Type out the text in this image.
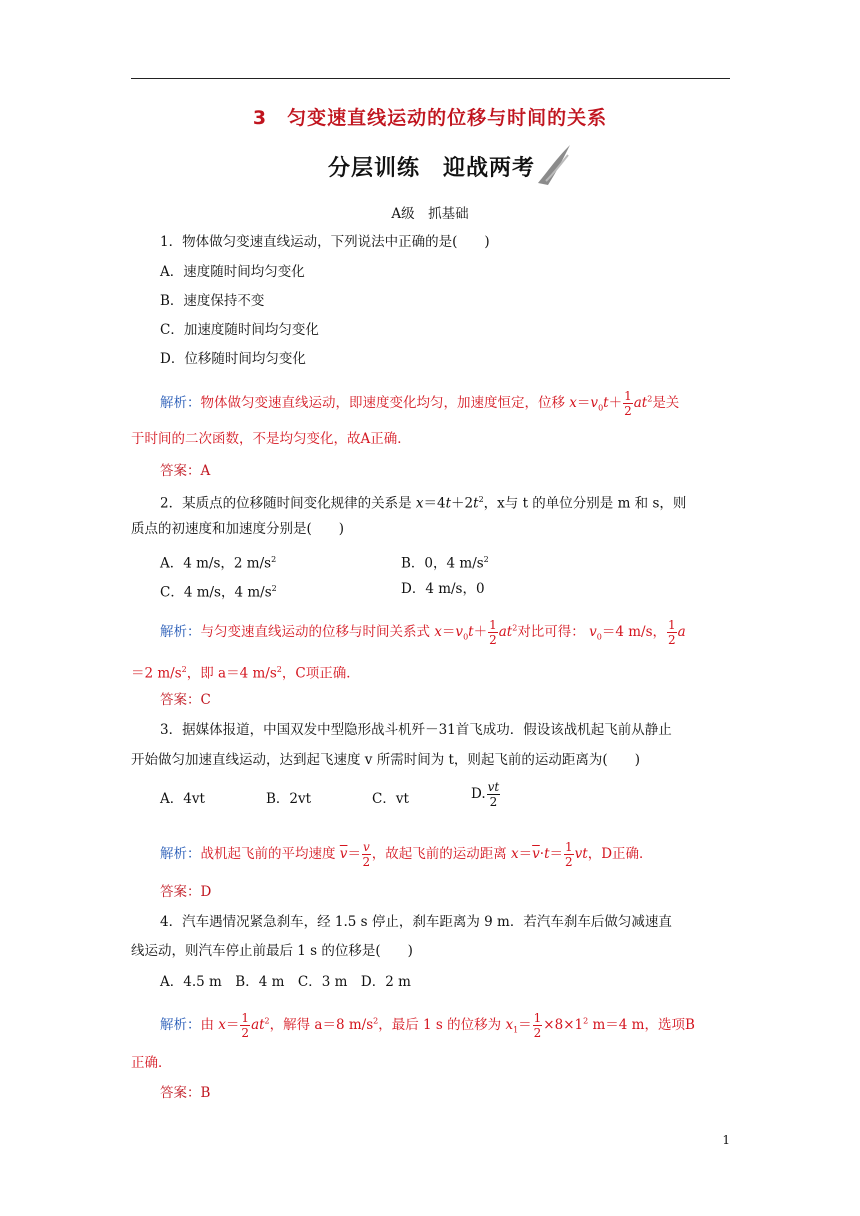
3　匀变速直线运动的位移与时间的关系
分层训练　迎战两考
A级　抓基础
1．物体做匀变速直线运动，下列说法中正确的是(　　)
A．速度随时间均匀变化
B．速度保持不变
C．加速度随时间均匀变化
D．位移随时间均匀变化
解析：物体做匀变速直线运动，即速度变化均匀，加速度恒定，位移 $x=v_0t+ \frac{1}{2} at^2$是关
于时间的二次函数，不是均匀变化，故A正确．
答案：A
2．某质点的位移随时间变化规律的关系是 $x=4t+2t^2$，x与 t 的单位分别是 m 和 s，则
质点的初速度和加速度分别是(　　)
A．4 m/s，2 $m/s^2$	B．0，4 $m/s^2$
C．4 m/s，4 $m/s^2$	D．4 m/s，0
解析：与匀变速直线运动的位移与时间关系式 $x=v_0t+ \frac{1}{2} at^2$对比可得： $v_0=4$ m/s， $\frac{1}{2}$ a
＝2 $m/s^2$，即 a＝4 $m/s^2$，C项正确．
答案：C
3．据媒体报道，中国双发中型隐形战斗机歼－31首飞成功．假设该战机起飞前从静止
开始做匀加速直线运动，达到起飞速度 v 所需时间为 t，则起飞前的运动距离为(　　)
A．4vt	B．2vt	C．vt	D. $\frac{vt}{2}$
解析：战机起飞前的平均速度 $\overline{v}= \frac{v}{2}$ ，故起飞前的运动距离 $x=\overline{v}\cdot t= \frac{1}{2}$ vt，D正确．
答案：D
4．汽车遇情况紧急刹车，经 1.5 s 停止，刹车距离为 9 m．若汽车刹车后做匀减速直
线运动，则汽车停止前最后 1 s 的位移是(　　)
A．4.5 m　B．4 m　C．3 m　D．2 m
解析：由 $x= \frac{1}{2} at^2$，解得 a＝8 $m/s^2$，最后 1 s 的位移为 $x_1= \frac{1}{2} \times 8\times 1^2$ m＝4 m，选项B
正确．
答案：B
1
